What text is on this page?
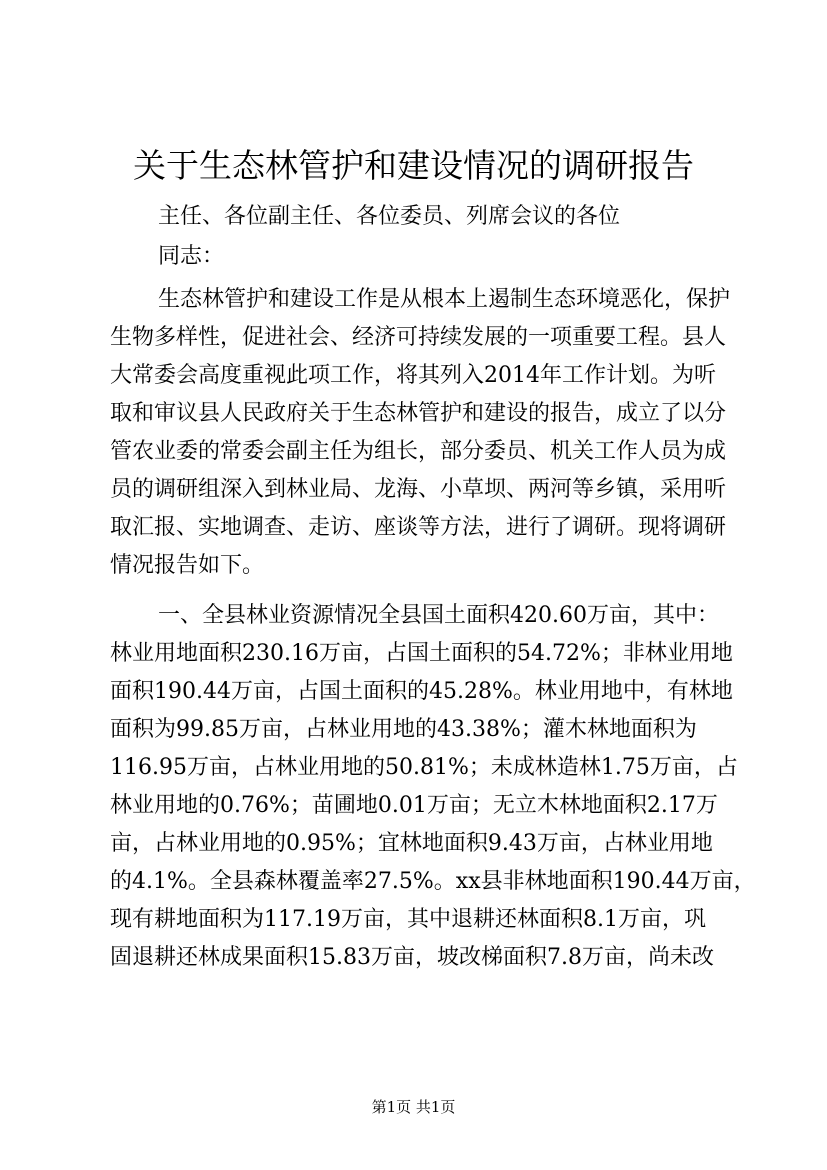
关于生态林管护和建设情况的调研报告

主任、各位副主任、各位委员、列席会议的各位

同志：

生态林管护和建设工作是从根本上遏制生态环境恶化，保护

生物多样性，促进社会、经济可持续发展的一项重要工程。县人

大常委会高度重视此项工作，将其列入2014年工作计划。为听

取和审议县人民政府关于生态林管护和建设的报告，成立了以分

管农业委的常委会副主任为组长，部分委员、机关工作人员为成

员的调研组深入到林业局、龙海、小草坝、两河等乡镇，采用听

取汇报、实地调查、走访、座谈等方法，进行了调研。现将调研

情况报告如下。

一、全县林业资源情况全县国土面积420.60万亩，其中：

林业用地面积230.16万亩，占国土面积的54.72%；非林业用地

面积190.44万亩，占国土面积的45.28%。林业用地中，有林地

面积为99.85万亩，占林业用地的43.38%；灌木林地面积为

116.95万亩，占林业用地的50.81%；未成林造林1.75万亩，占

林业用地的0.76%；苗圃地0.01万亩；无立木林地面积2.17万

亩，占林业用地的0.95%；宜林地面积9.43万亩，占林业用地

的4.1%。全县森林覆盖率27.5%。xx县非林地面积190.44万亩，

现有耕地面积为117.19万亩，其中退耕还林面积8.1万亩，巩

固退耕还林成果面积15.83万亩，坡改梯面积7.8万亩，尚未改

第1页 共1页
